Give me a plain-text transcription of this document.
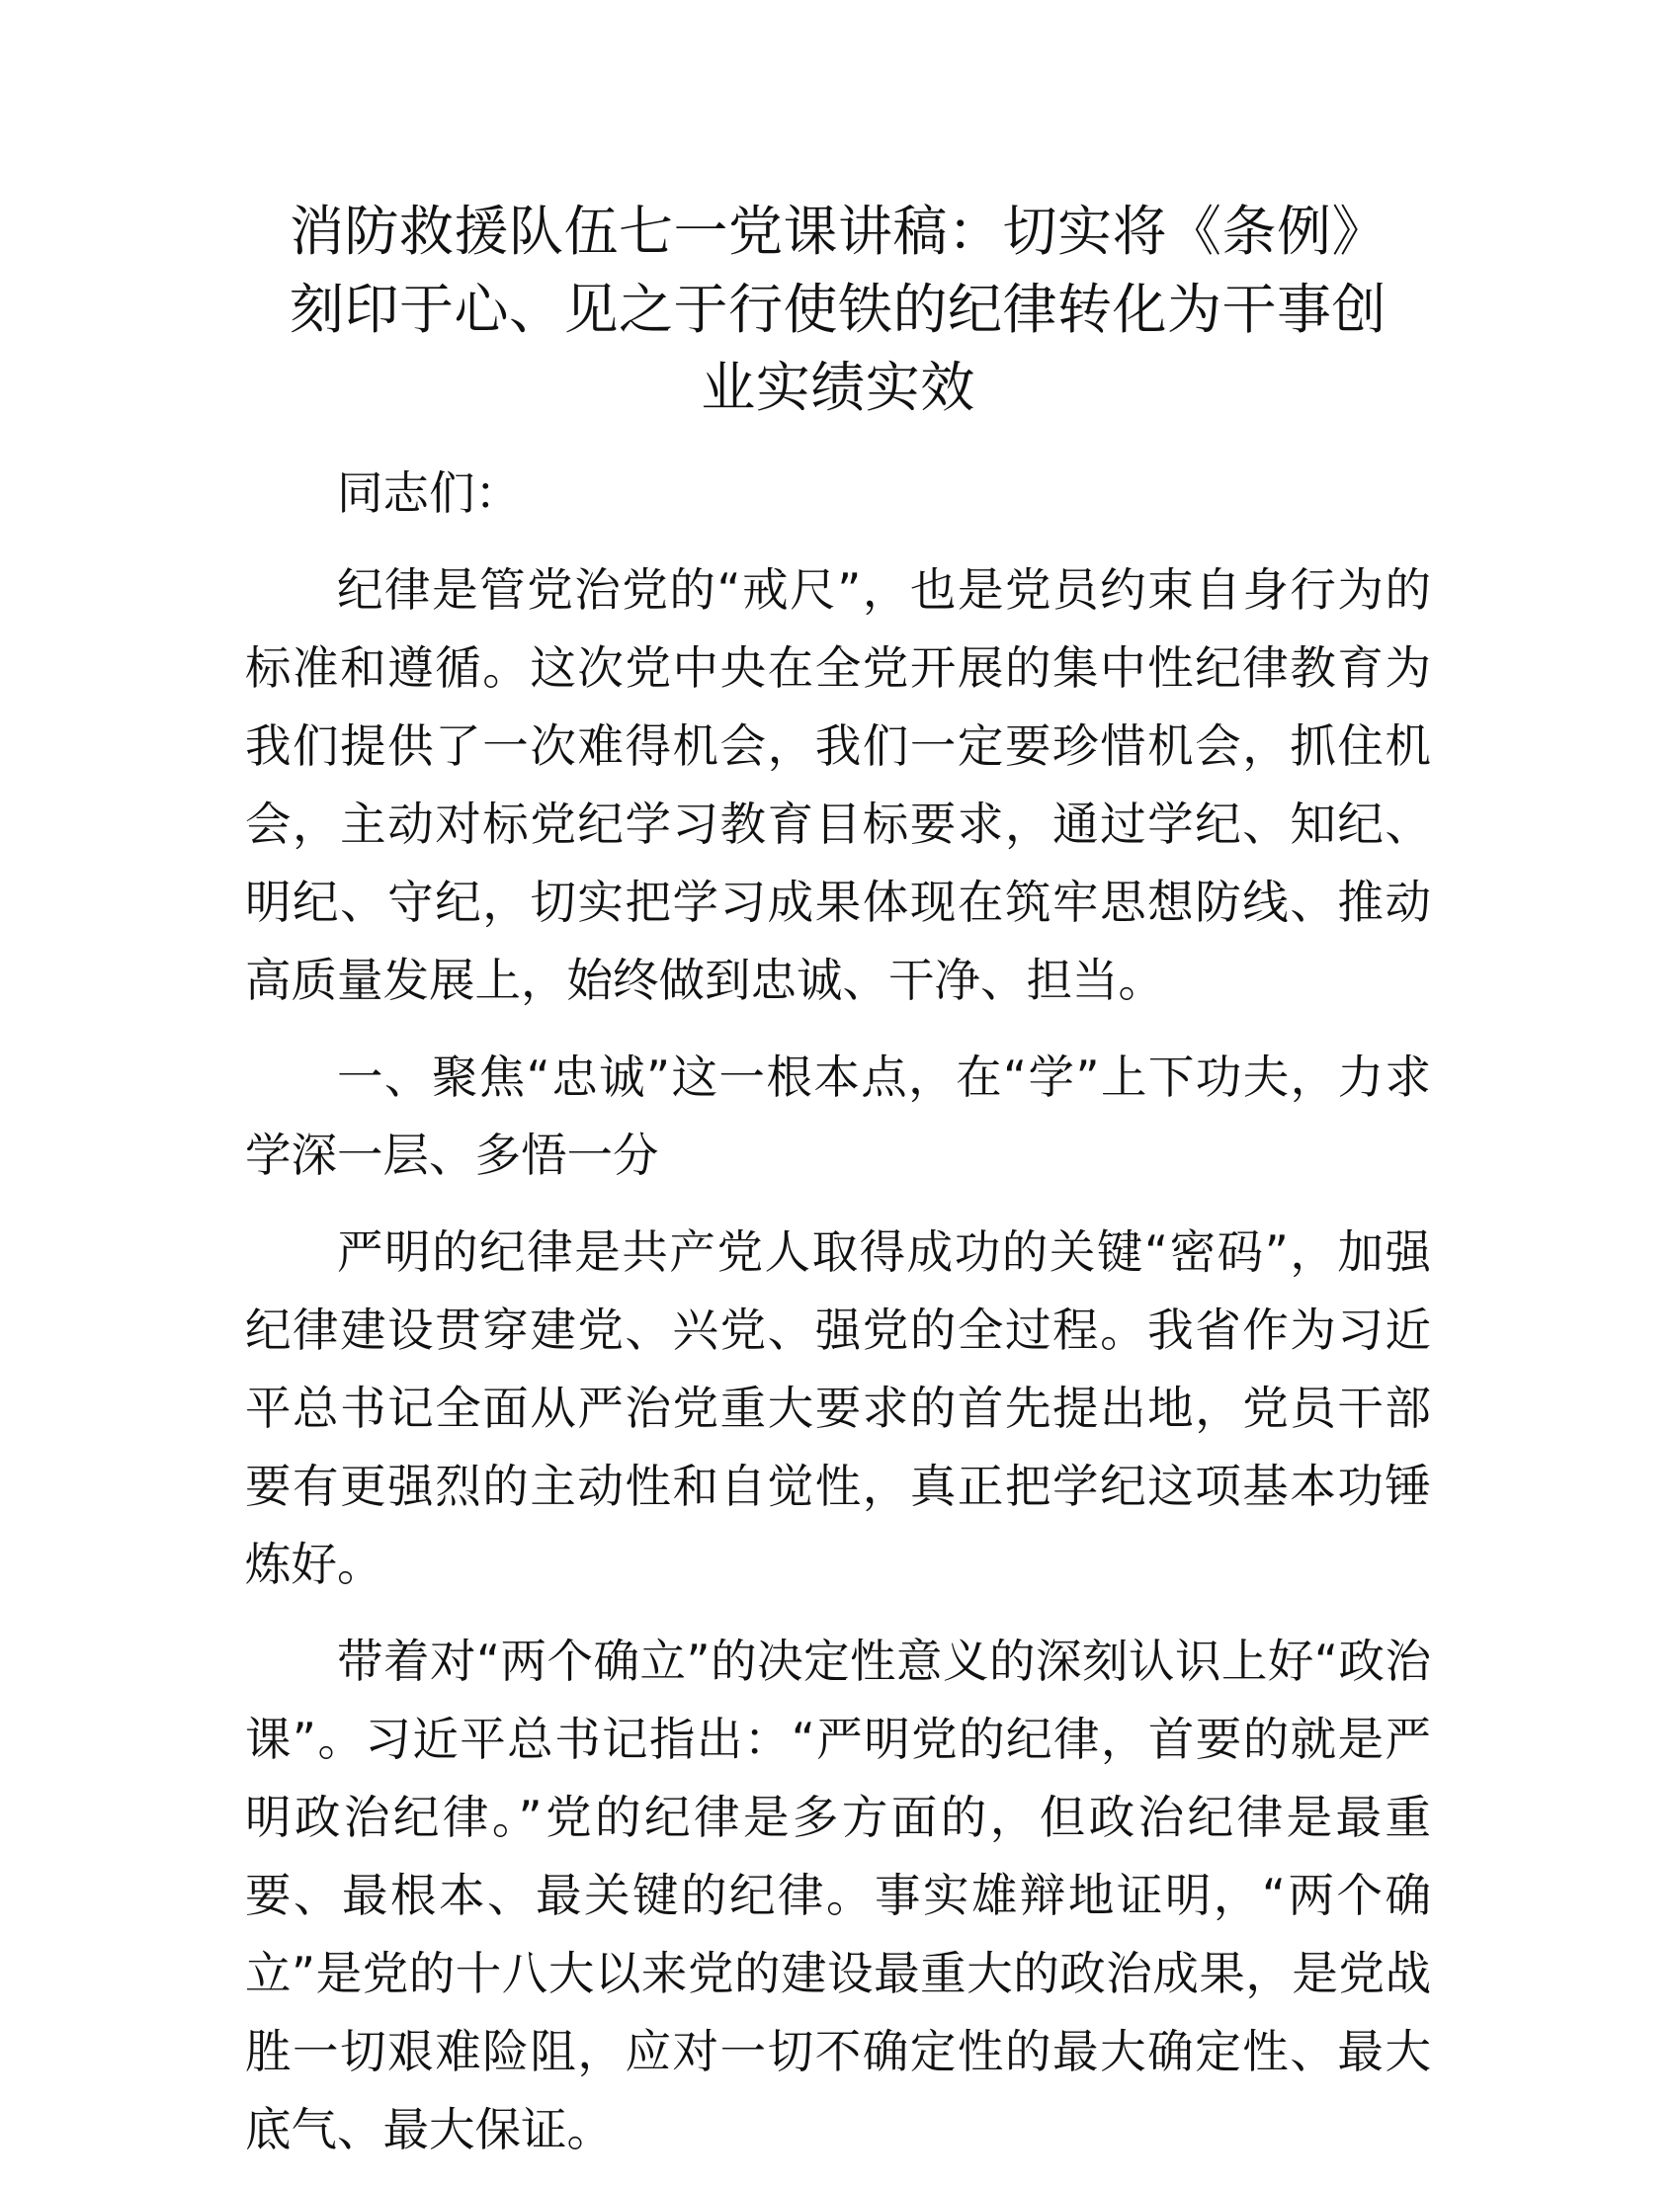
消防救援队伍七一党课讲稿：切实将《条例》
刻印于心、见之于行使铁的纪律转化为干事创
业实绩实效

同志们：

纪律是管党治党的“戒尺”，也是党员约束自身行为的标准和遵循。这次党中央在全党开展的集中性纪律教育为我们提供了一次难得机会，我们一定要珍惜机会，抓住机会，主动对标党纪学习教育目标要求，通过学纪、知纪、明纪、守纪，切实把学习成果体现在筑牢思想防线、推动高质量发展上，始终做到忠诚、干净、担当。

一、聚焦“忠诚”这一根本点，在“学”上下功夫，力求学深一层、多悟一分

严明的纪律是共产党人取得成功的关键“密码”，加强纪律建设贯穿建党、兴党、强党的全过程。我省作为习近平总书记全面从严治党重大要求的首先提出地，党员干部要有更强烈的主动性和自觉性，真正把学纪这项基本功锤炼好。

带着对“两个确立”的决定性意义的深刻认识上好“政治课”。习近平总书记指出：“严明党的纪律，首要的就是严明政治纪律。”党的纪律是多方面的，但政治纪律是最重要、最根本、最关键的纪律。事实雄辩地证明，“两个确立”是党的十八大以来党的建设最重大的政治成果，是党战胜一切艰难险阻，应对一切不确定性的最大确定性、最大底气、最大保证。
